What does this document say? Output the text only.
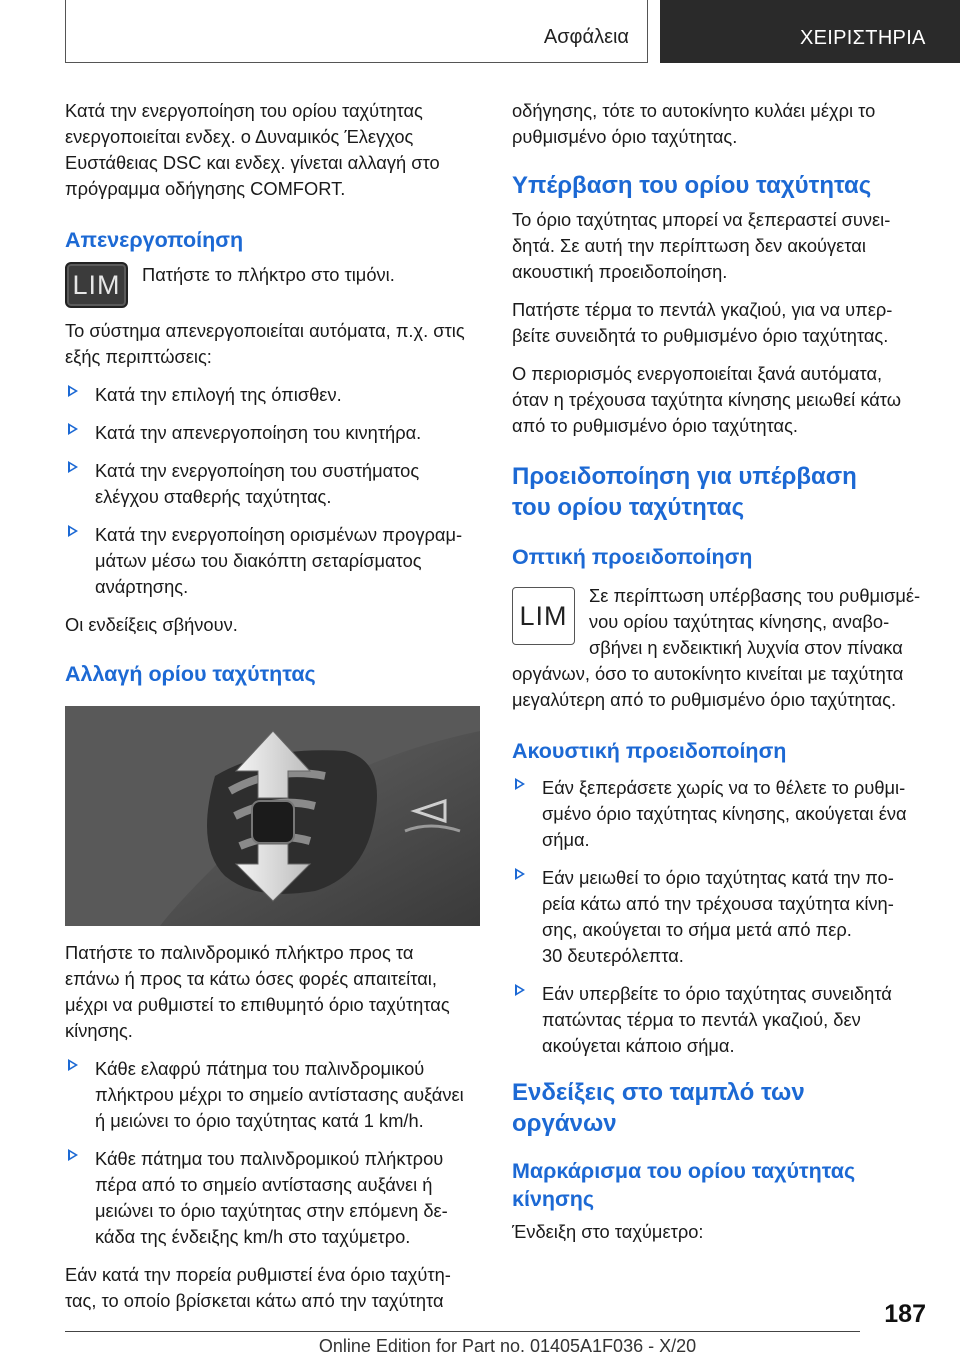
Ασφάλεια	ΧΕΙΡΙΣΤΗΡΙΑ

Κατά την ενεργοποίηση του ορίου ταχύτητας
ενεργοποιείται ενδεχ. ο Δυναμικός Έλεγχος
Ευστάθειας DSC και ενδεχ. γίνεται αλλαγή στο
πρόγραμμα οδήγησης COMFORT.

Απενεργοποίηση
LIM	Πατήστε το πλήκτρο στο τιμόνι.

Το σύστημα απενεργοποιείται αυτόματα, π.χ. στις
εξής περιπτώσεις:

Κατά την επιλογή της όπισθεν.
Κατά την απενεργοποίηση του κινητήρα.
Κατά την ενεργοποίηση του συστήματος
ελέγχου σταθερής ταχύτητας.
Κατά την ενεργοποίηση ορισμένων προγραμ-
μάτων μέσω του διακόπτη σεταρίσματος
ανάρτησης.

Οι ενδείξεις σβήνουν.

Αλλαγή ορίου ταχύτητας

Πατήστε το παλινδρομικό πλήκτρο προς τα
επάνω ή προς τα κάτω όσες φορές απαιτείται,
μέχρι να ρυθμιστεί το επιθυμητό όριο ταχύτητας
κίνησης.

Κάθε ελαφρύ πάτημα του παλινδρομικού
πλήκτρου μέχρι το σημείο αντίστασης αυξάνει
ή μειώνει το όριο ταχύτητας κατά 1 km/h.
Κάθε πάτημα του παλινδρομικού πλήκτρου
πέρα από το σημείο αντίστασης αυξάνει ή
μειώνει το όριο ταχύτητας στην επόμενη δε-
κάδα της ένδειξης km/h στο ταχύμετρο.

Εάν κατά την πορεία ρυθμιστεί ένα όριο ταχύτη-
τας, το οποίο βρίσκεται κάτω από την ταχύτητα

οδήγησης, τότε το αυτοκίνητο κυλάει μέχρι το
ρυθμισμένο όριο ταχύτητας.

Υπέρβαση του ορίου ταχύτητας

Το όριο ταχύτητας μπορεί να ξεπεραστεί συνει-
δητά. Σε αυτή την περίπτωση δεν ακούγεται
ακουστική προειδοποίηση.

Πατήστε τέρμα το πεντάλ γκαζιού, για να υπερ-
βείτε συνειδητά το ρυθμισμένο όριο ταχύτητας.

Ο περιορισμός ενεργοποιείται ξανά αυτόματα,
όταν η τρέχουσα ταχύτητα κίνησης μειωθεί κάτω
από το ρυθμισμένο όριο ταχύτητας.

Προειδοποίηση για υπέρβαση
του ορίου ταχύτητας
Οπτική προειδοποίηση
LIM

Σε περίπτωση υπέρβασης του ρυθμισμέ-
νου ορίου ταχύτητας κίνησης, αναβο-
σβήνει η ενδεικτική λυχνία στον πίνακα
οργάνων, όσο το αυτοκίνητο κινείται με ταχύτητα
μεγαλύτερη από το ρυθμισμένο όριο ταχύτητας.

Ακουστική προειδοποίηση
Εάν ξεπεράσετε χωρίς να το θέλετε το ρυθμι-
σμένο όριο ταχύτητας κίνησης, ακούγεται ένα
σήμα.
Εάν μειωθεί το όριο ταχύτητας κατά την πο-
ρεία κάτω από την τρέχουσα ταχύτητα κίνη-
σης, ακούγεται το σήμα μετά από περ.
30 δευτερόλεπτα.
Εάν υπερβείτε το όριο ταχύτητας συνειδητά
πατώντας τέρμα το πεντάλ γκαζιού, δεν
ακούγεται κάποιο σήμα.
Ενδείξεις στο ταμπλό των
οργάνων
Μαρκάρισμα του ορίου ταχύτητας
κίνησης

Ένδειξη στο ταχύμετρο:

187
Online Edition for Part no. 01405A1F036 - X/20
